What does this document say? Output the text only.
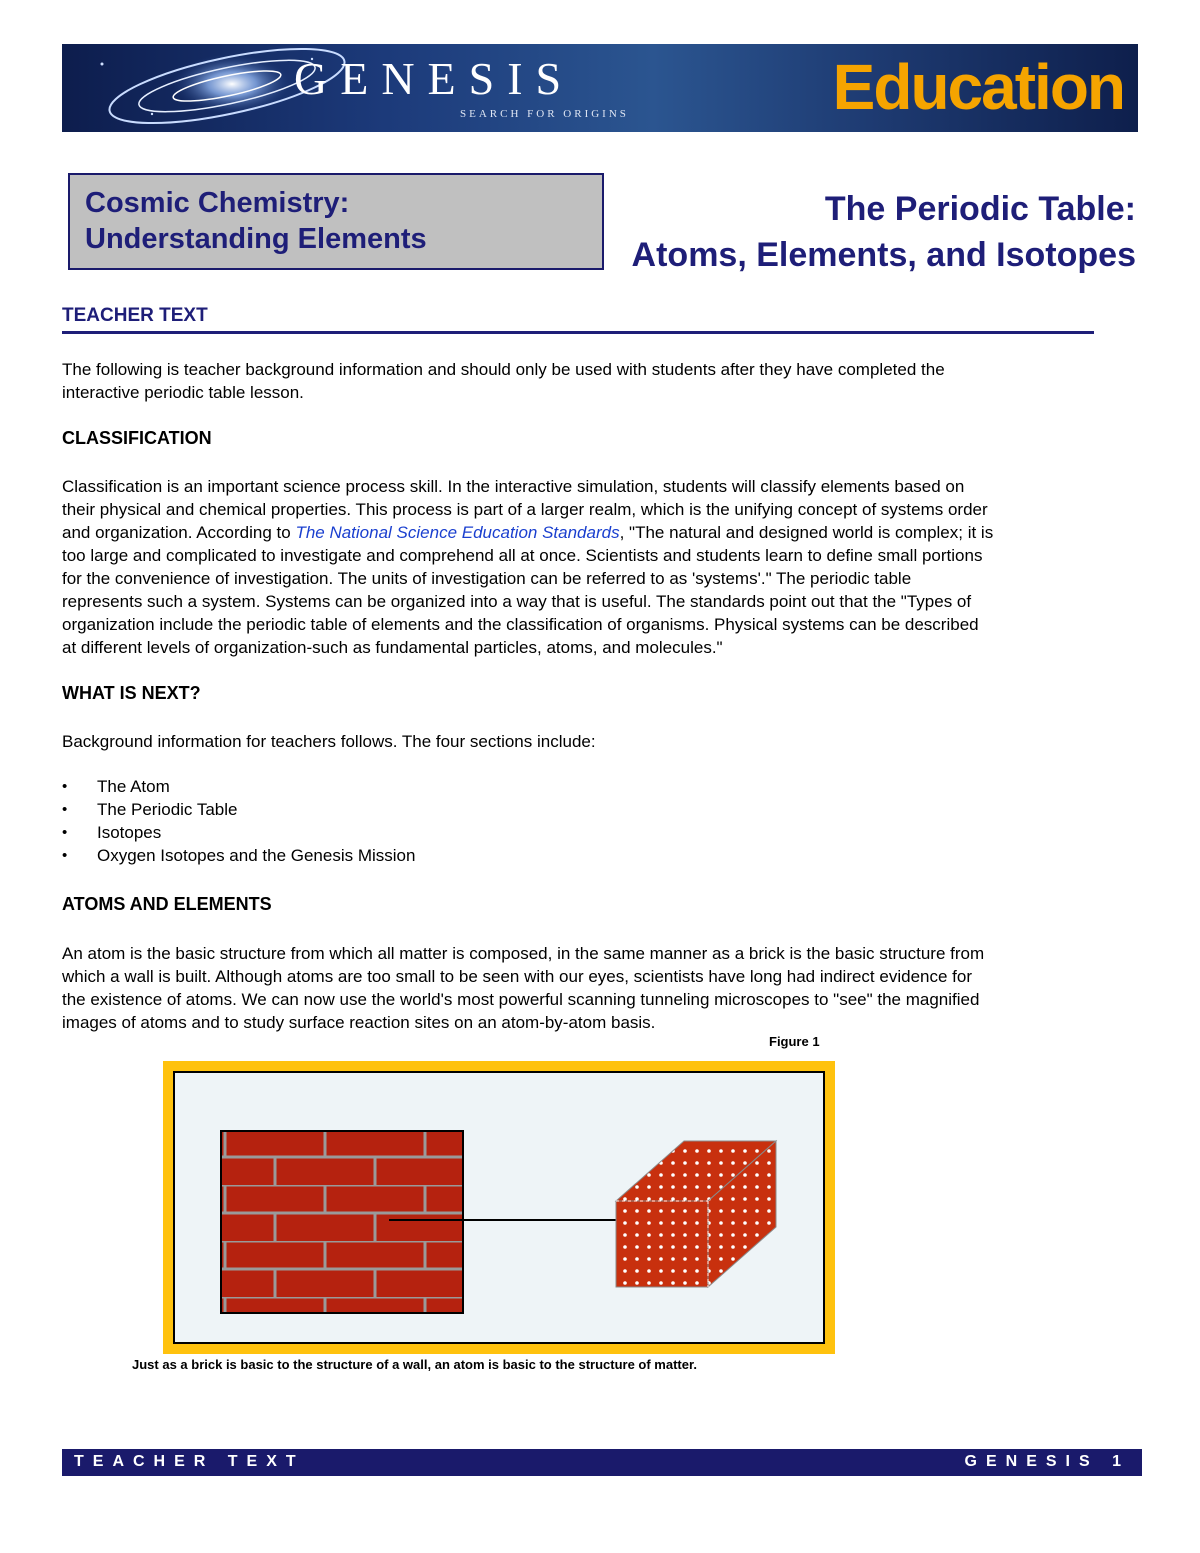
GENESIS
SEARCH FOR ORIGINS	Education
Cosmic Chemistry:
Understanding Elements
The Periodic Table:
Atoms, Elements, and Isotopes
TEACHER TEXT
The following is teacher background information and should only be used with students after they have completed the
interactive periodic table lesson.
CLASSIFICATION
Classification is an important science process skill. In the interactive simulation, students will classify elements based on
their physical and chemical properties. This process is part of a larger realm, which is the unifying concept of systems order
and organization. According to The National Science Education Standards, "The natural and designed world is complex; it is
too large and complicated to investigate and comprehend all at once. Scientists and students learn to define small portions
for the convenience of investigation. The units of investigation can be referred to as 'systems'." The periodic table
represents such a system. Systems can be organized into a way that is useful. The standards point out that the "Types of
organization include the periodic table of elements and the classification of organisms. Physical systems can be described
at different levels of organization-such as fundamental particles, atoms, and molecules."
WHAT IS NEXT?
Background information for teachers follows. The four sections include:
• The Atom
• The Periodic Table
• Isotopes
• Oxygen Isotopes and the Genesis Mission
ATOMS AND ELEMENTS
An atom is the basic structure from which all matter is composed, in the same manner as a brick is the basic structure from
which a wall is built. Although atoms are too small to be seen with our eyes, scientists have long had indirect evidence for
the existence of atoms. We can now use the world's most powerful scanning tunneling microscopes to "see" the magnified
images of atoms and to study surface reaction sites on an atom-by-atom basis.
Figure 1
Just as a brick is basic to the structure of a wall, an atom is basic to the structure of matter.
TEACHER TEXT	GENESIS 1
